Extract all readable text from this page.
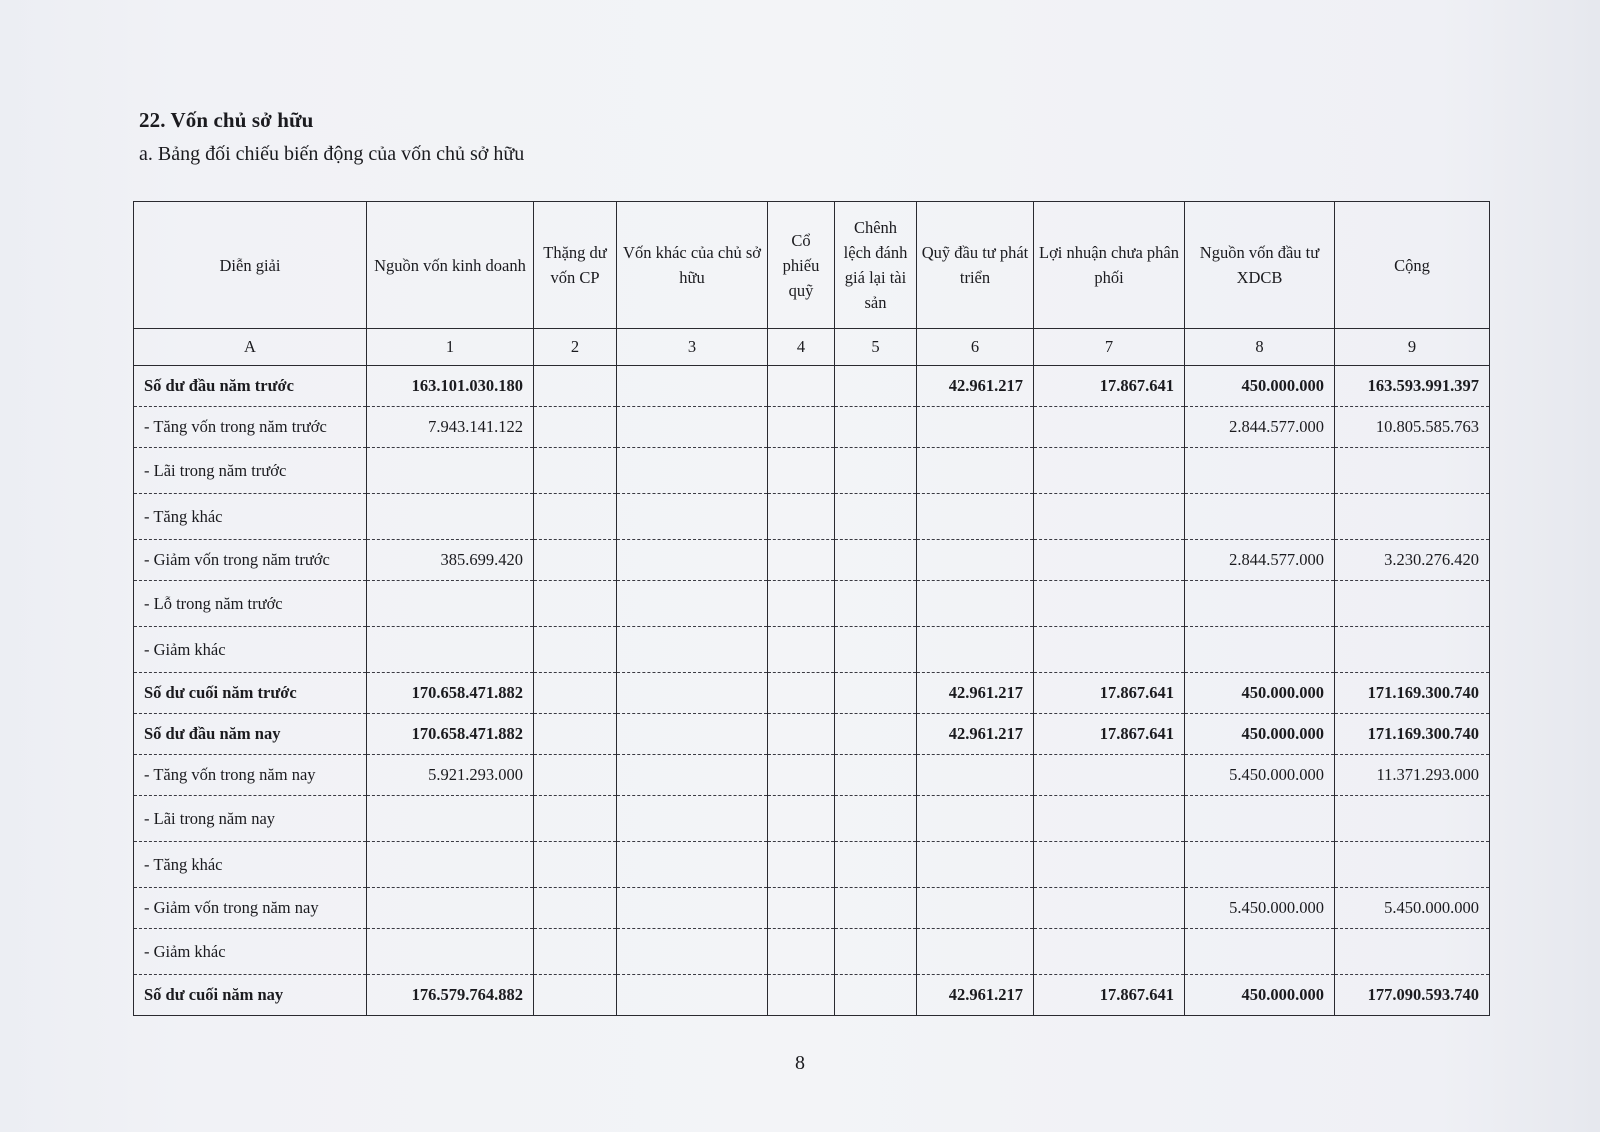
22. Vốn chủ sở hữu
a. Bảng đối chiếu biến động của vốn chủ sở hữu
Diễn giải	Nguồn vốn kinh doanh	Thặng dư vốn CP	Vốn khác của chủ sở hữu	Cổ phiếu quỹ	Chênh lệch đánh giá lại tài sản	Quỹ đầu tư phát triển	Lợi nhuận chưa phân phối	Nguồn vốn đầu tư XDCB	Cộng
A	1	2	3	4	5	6	7	8	9
Số dư đầu năm trước	163.101.030.180					42.961.217	17.867.641	450.000.000	163.593.991.397
- Tăng vốn trong năm trước	7.943.141.122							2.844.577.000	10.805.585.763
- Lãi trong năm trước									
- Tăng khác									
- Giảm vốn trong năm trước	385.699.420							2.844.577.000	3.230.276.420
- Lỗ trong năm trước									
- Giảm khác									
Số dư cuối năm trước	170.658.471.882					42.961.217	17.867.641	450.000.000	171.169.300.740
Số dư đầu năm nay	170.658.471.882					42.961.217	17.867.641	450.000.000	171.169.300.740
- Tăng vốn trong năm nay	5.921.293.000							5.450.000.000	11.371.293.000
- Lãi trong năm nay									
- Tăng khác									
- Giảm vốn trong năm nay								5.450.000.000	5.450.000.000
- Giảm khác									
Số dư cuối năm nay	176.579.764.882					42.961.217	17.867.641	450.000.000	177.090.593.740
8
